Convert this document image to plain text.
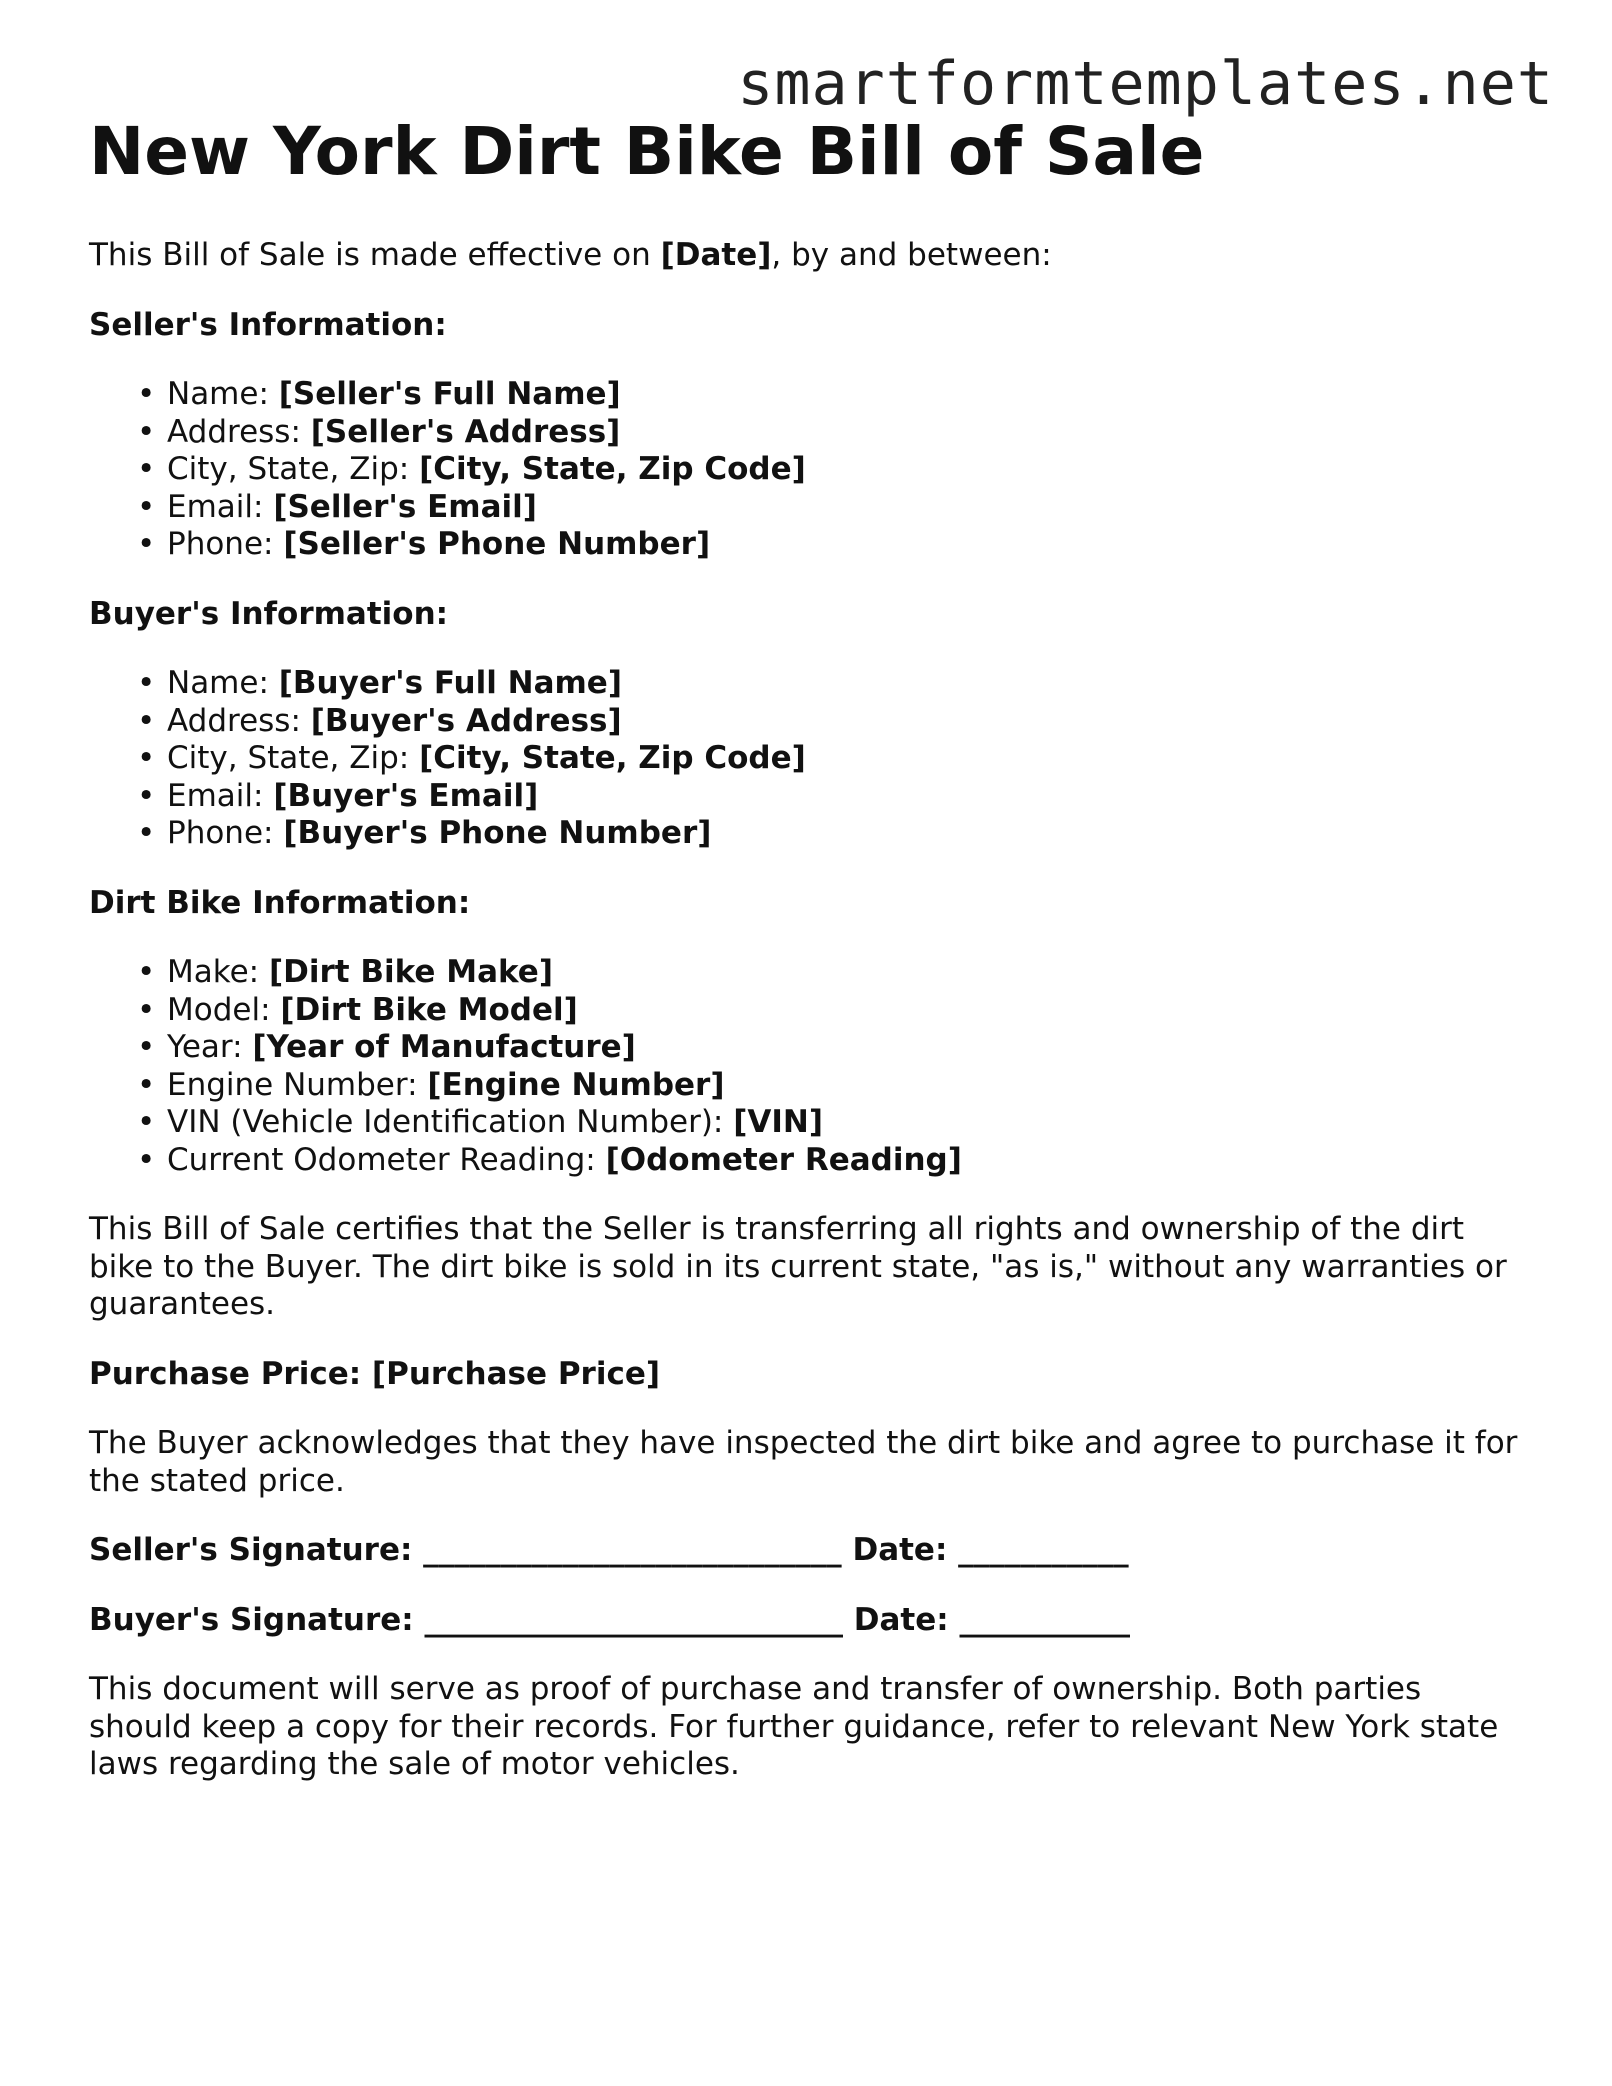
smartformtemplates.net
New York Dirt Bike Bill of Sale

This Bill of Sale is made effective on [Date], by and between:

Seller's Information:

• Name: [Seller's Full Name]
• Address: [Seller's Address]
• City, State, Zip: [City, State, Zip Code]
• Email: [Seller's Email]
• Phone: [Seller's Phone Number]

Buyer's Information:

• Name: [Buyer's Full Name]
• Address: [Buyer's Address]
• City, State, Zip: [City, State, Zip Code]
• Email: [Buyer's Email]
• Phone: [Buyer's Phone Number]

Dirt Bike Information:

• Make: [Dirt Bike Make]
• Model: [Dirt Bike Model]
• Year: [Year of Manufacture]
• Engine Number: [Engine Number]
• VIN (Vehicle Identification Number): [VIN]
• Current Odometer Reading: [Odometer Reading]

This Bill of Sale certifies that the Seller is transferring all rights and ownership of the dirt bike to the Buyer. The dirt bike is sold in its current state, "as is," without any warranties or guarantees.

Purchase Price: [Purchase Price]

The Buyer acknowledges that they have inspected the dirt bike and agree to purchase it for the stated price.

Seller's Signature: ___________________________ Date: ___________

Buyer's Signature: ___________________________ Date: ___________

This document will serve as proof of purchase and transfer of ownership. Both parties should keep a copy for their records. For further guidance, refer to relevant New York state laws regarding the sale of motor vehicles.
